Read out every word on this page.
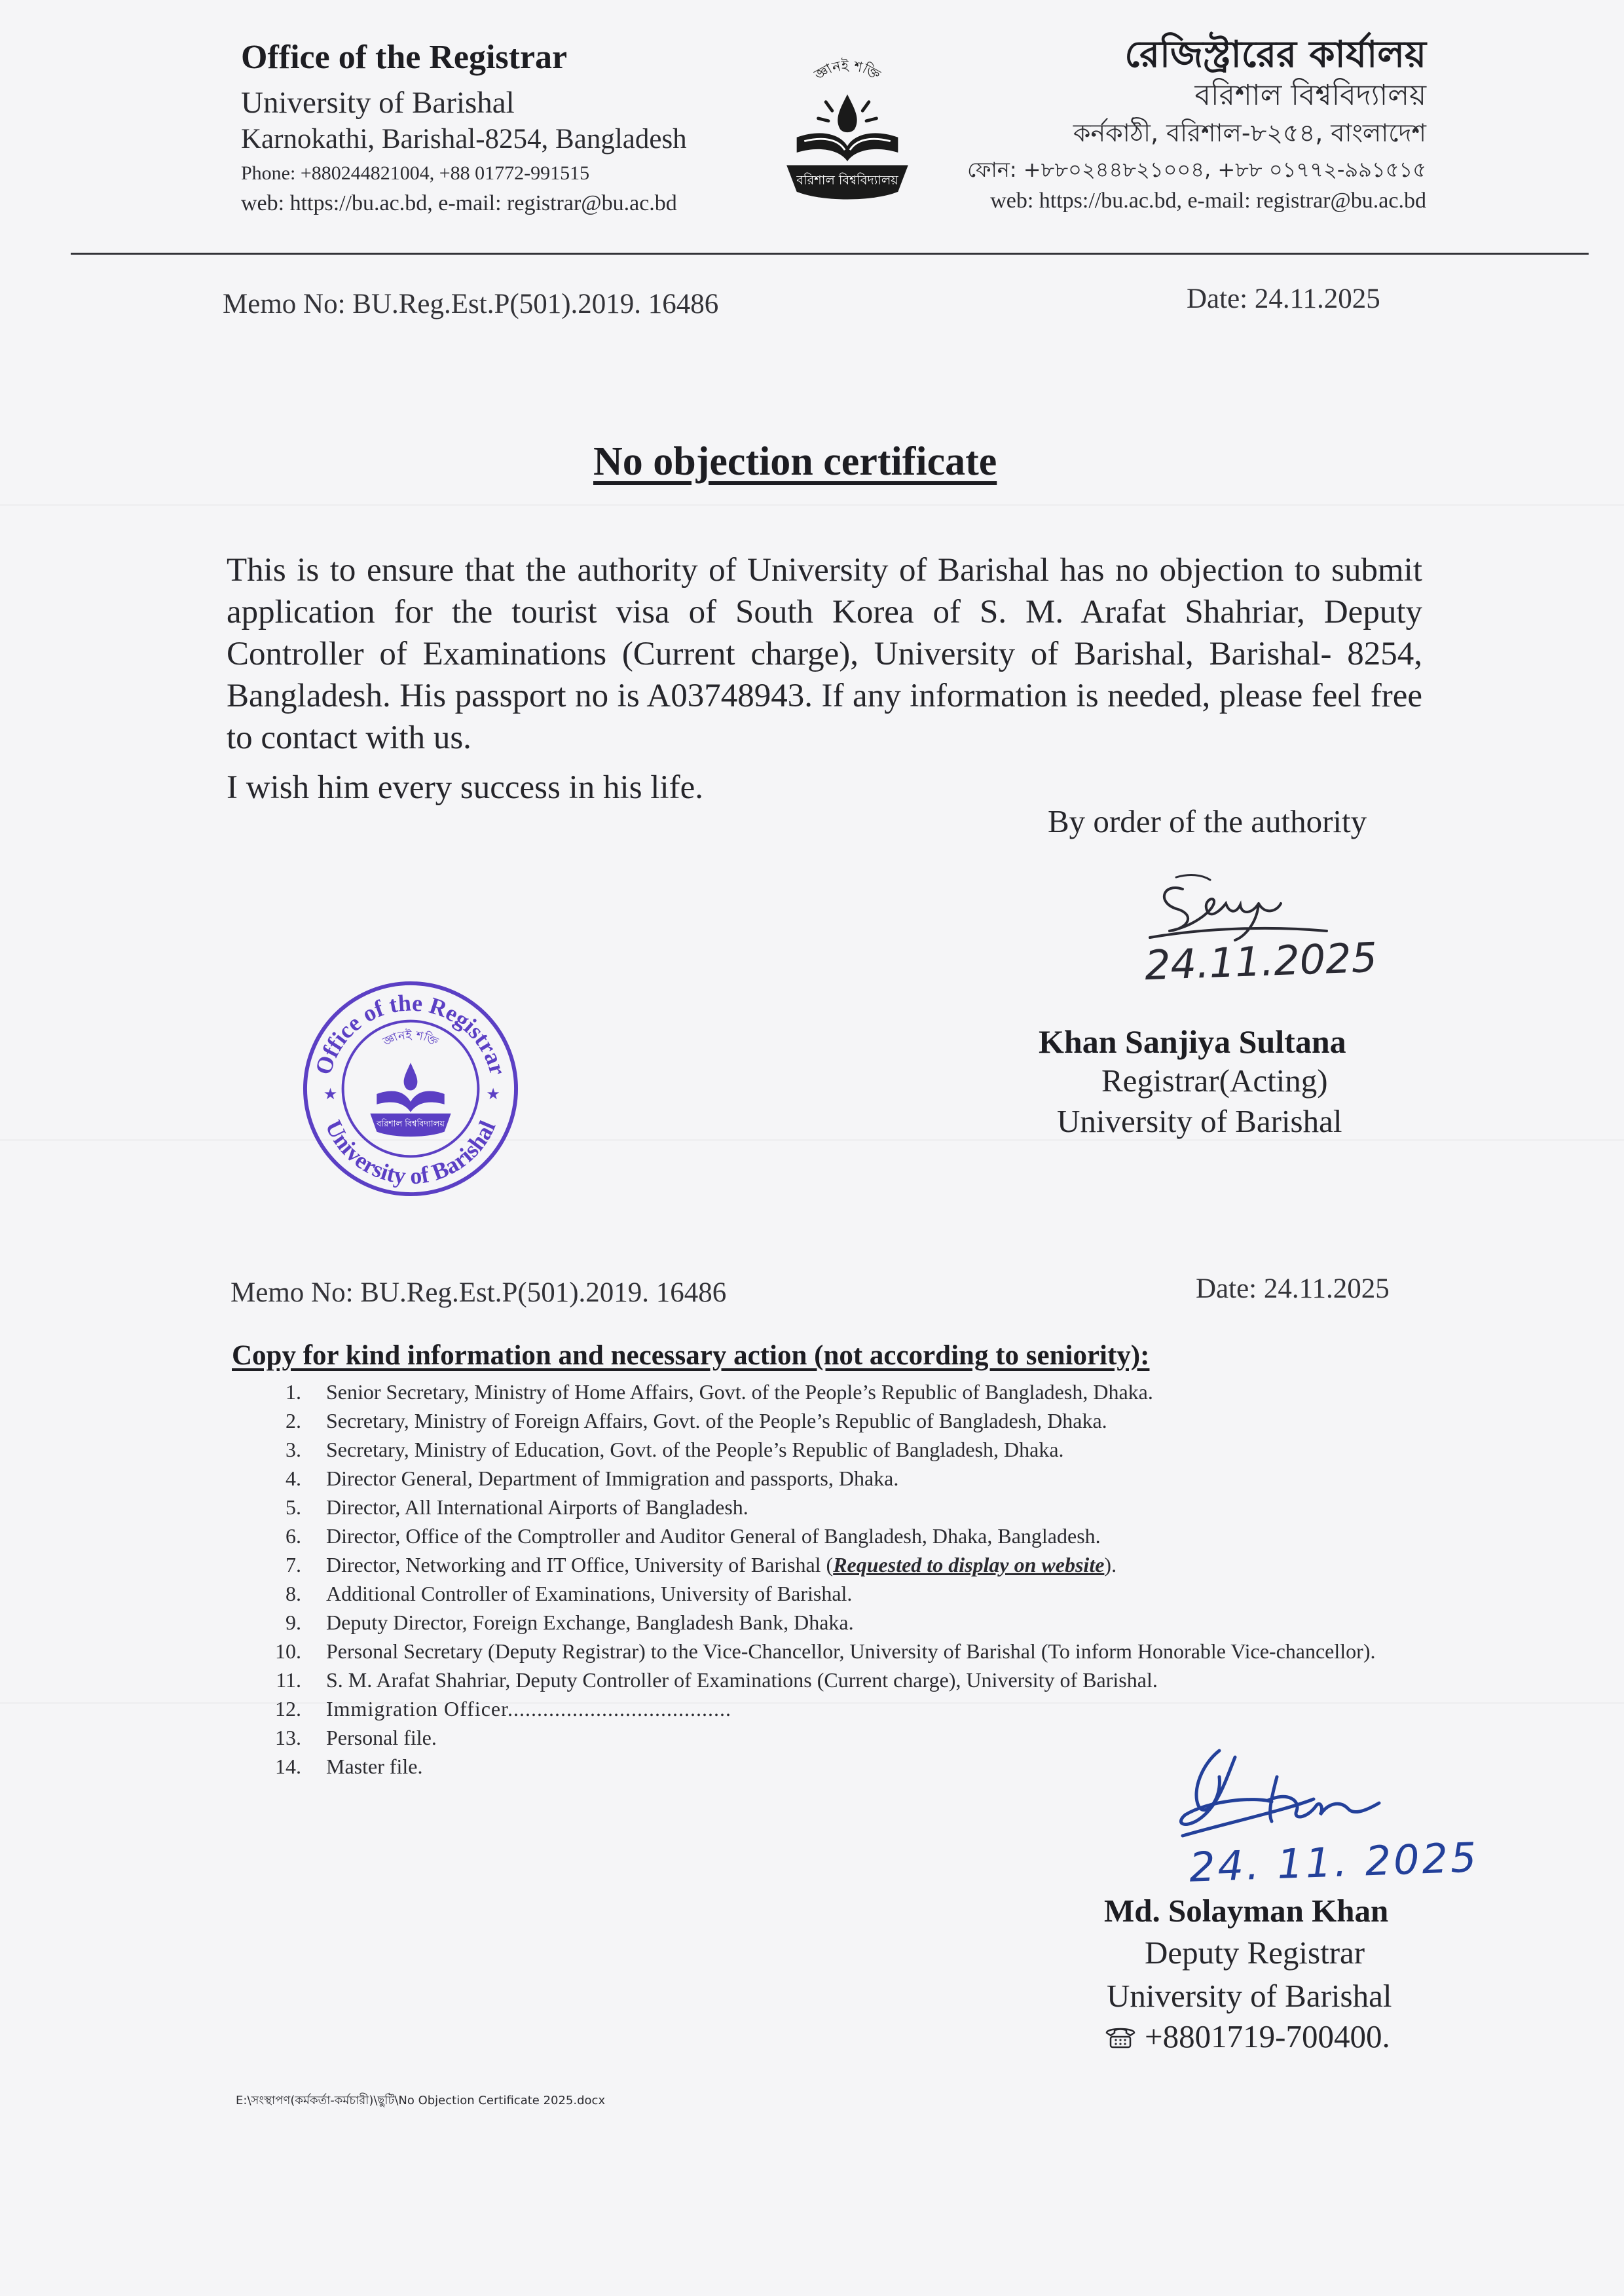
Office of the Registrar
University of Barishal
Karnokathi, Barishal-8254, Bangladesh
Phone: +880244821004, +88 01772-991515
web: https://bu.ac.bd, e-mail: registrar@bu.ac.bd
জ্ঞানই শক্তি
বরিশাল বিশ্ববিদ্যালয়
রেজিস্ট্রারের কার্যালয়
বরিশাল বিশ্ববিদ্যালয়
কর্নকাঠী, বরিশাল-৮২৫৪, বাংলাদেশ
ফোন: +৮৮০২৪৪৮২১০০৪, +৮৮ ০১৭৭২-৯৯১৫১৫
web: https://bu.ac.bd, e-mail: registrar@bu.ac.bd
Memo No: BU.Reg.Est.P(501).2019. 16486	Date: 24.11.2025
No objection certificate

This is to ensure that the authority of University of Barishal has no objection to submit application for the tourist visa of South Korea of S. M. Arafat Shahriar, Deputy Controller of Examinations (Current charge), University of Barishal, Barishal- 8254, Bangladesh. His passport no is A03748943. If any information is needed, please feel free to contact with us.

I wish him every success in his life.
By order of the authority
24.11.2025
Khan Sanjiya Sultana
Registrar(Acting)
University of Barishal
Office of the Registrar
University of Barishal
★	★
জ্ঞানই শক্তি
বরিশাল বিশ্ববিদ্যালয়
Memo No: BU.Reg.Est.P(501).2019. 16486	Date: 24.11.2025
Copy for kind information and necessary action (not according to seniority):
1. Senior Secretary, Ministry of Home Affairs, Govt. of the People’s Republic of Bangladesh, Dhaka.
2. Secretary, Ministry of Foreign Affairs, Govt. of the People’s Republic of Bangladesh, Dhaka.
3. Secretary, Ministry of Education, Govt. of the People’s Republic of Bangladesh, Dhaka.
4. Director General, Department of Immigration and passports, Dhaka.
5. Director, All International Airports of Bangladesh.
6. Director, Office of the Comptroller and Auditor General of Bangladesh, Dhaka, Bangladesh.
7. Director, Networking and IT Office, University of Barishal (Requested to display on website).
8. Additional Controller of Examinations, University of Barishal.
9. Deputy Director, Foreign Exchange, Bangladesh Bank, Dhaka.
10. Personal Secretary (Deputy Registrar) to the Vice-Chancellor, University of Barishal (To inform Honorable Vice-chancellor).
11. S. M. Arafat Shahriar, Deputy Controller of Examinations (Current charge), University of Barishal.
12. Immigration Officer......................................
13. Personal file.
14. Master file.
24. 11. 2025
Md. Solayman Khan
Deputy Registrar
University of Barishal
+8801719-700400.
E:\সংস্থাপণ(কর্মকর্তা-কর্মচারী)\ছুটি\No Objection Certificate 2025.docx
